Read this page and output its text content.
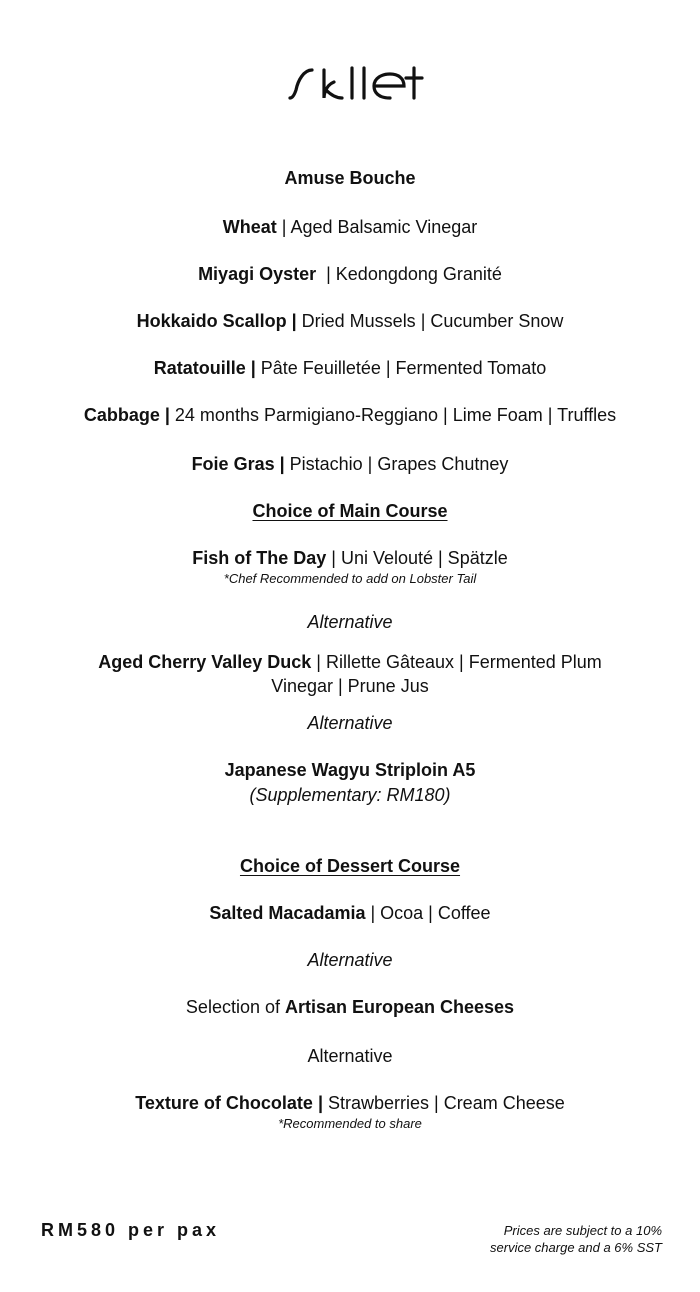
Amuse Bouche
Wheat | Aged Balsamic Vinegar
Miyagi Oyster  | Kedongdong Granité
Hokkaido Scallop | Dried Mussels | Cucumber Snow
Ratatouille | Pâte Feuilletée | Fermented Tomato
Cabbage | 24 months Parmigiano-Reggiano | Lime Foam | Truffles
Foie Gras | Pistachio | Grapes Chutney
Choice of Main Course
Fish of The Day | Uni Velouté | Spätzle
*Chef Recommended to add on Lobster Tail
Alternative
Aged Cherry Valley Duck | Rillette Gâteaux | Fermented Plum
Vinegar | Prune Jus
Alternative
Japanese Wagyu Striploin A5
(Supplementary: RM180)
Choice of Dessert Course
Salted Macadamia | Ocoa | Coffee
Alternative
Selection of Artisan European Cheeses
Alternative
Texture of Chocolate | Strawberries | Cream Cheese
*Recommended to share
RM580 per pax	Prices are subject to a 10%
service charge and a 6% SST
